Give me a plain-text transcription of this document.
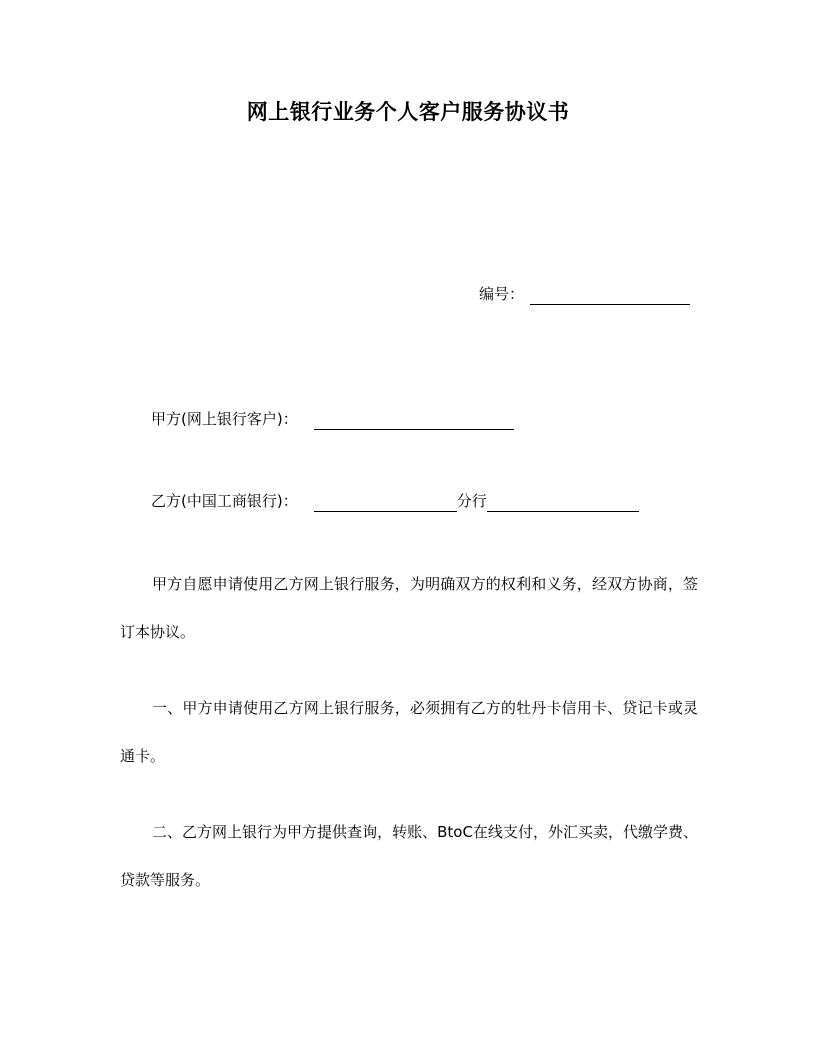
网上银行业务个人客户服务协议书
编号：
甲方(网上银行客户)：
乙方(中国工商银行)：	分行
甲方自愿申请使用乙方网上银行服务，为明确双方的权利和义务，经双方协商，签订本协议。
一、甲方申请使用乙方网上银行服务，必须拥有乙方的牡丹卡信用卡、贷记卡或灵通卡。
二、乙方网上银行为甲方提供查询，转账、BtoC在线支付，外汇买卖，代缴学费、贷款等服务。
